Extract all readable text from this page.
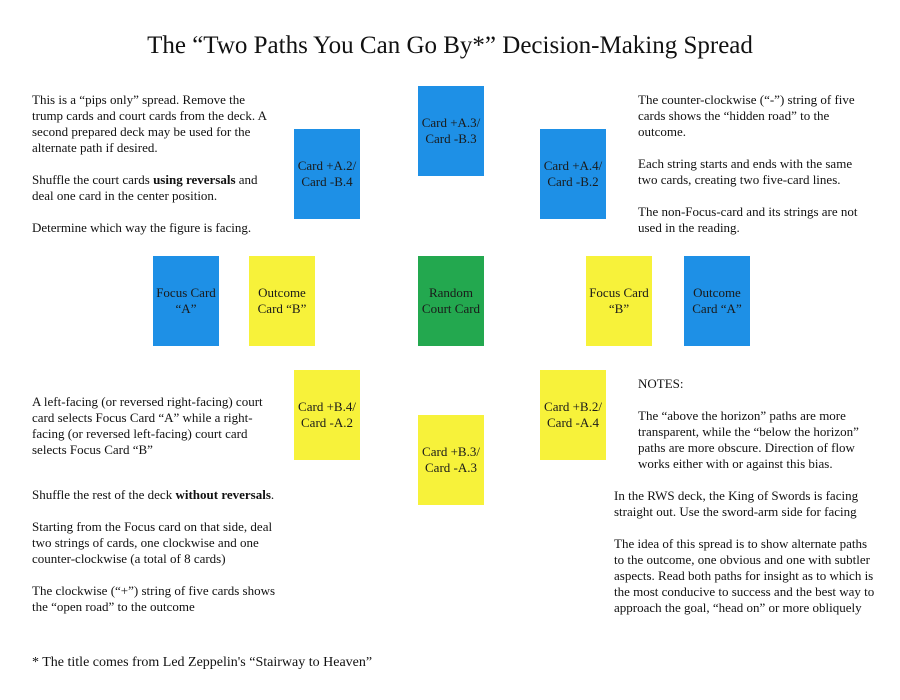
The “Two Paths You Can Go By*” Decision-Making Spread

This is a “pips only” spread. Remove the trump cards and court cards from the deck. A second prepared deck may be used for the alternate path if desired.

Shuffle the court cards using reversals and deal one card in the center position.

Determine which way the figure is facing.

A left-facing (or reversed right-facing) court card selects Focus Card “A” while a right-facing (or reversed left-facing) court card selects Focus Card “B”

Shuffle the rest of the deck without reversals.

Starting from the Focus card on that side, deal two strings of cards, one clockwise and one counter-clockwise (a total of 8 cards)

The clockwise (“+”) string of five cards shows the “open road” to the outcome

The counter-clockwise (“-”) string of five cards shows the “hidden road” to the outcome.

Each string starts and ends with the same two cards, creating two five-card lines.

The non-Focus-card and its strings are not used in the reading.

NOTES:

The “above the horizon” paths are more transparent, while the “below the horizon” paths are more obscure. Direction of flow works either with or against this bias.

In the RWS deck, the King of Swords is facing straight out. Use the sword-arm side for facing

The idea of this spread is to show alternate paths to the outcome, one obvious and one with subtler aspects. Read both paths for insight as to which is the most conducive to success and the best way to approach the goal, “head on” or more obliquely

Card +A.3/
Card -B.3
Card +A.2/
Card -B.4
Card +A.4/
Card -B.2
Focus Card
“A”
Outcome
Card “B”
Random
Court Card
Focus Card
“B”
Outcome
Card “A”
Card +B.4/
Card -A.2
Card +B.2/
Card -A.4
Card +B.3/
Card -A.3
* The title comes from Led Zeppelin's “Stairway to Heaven”
